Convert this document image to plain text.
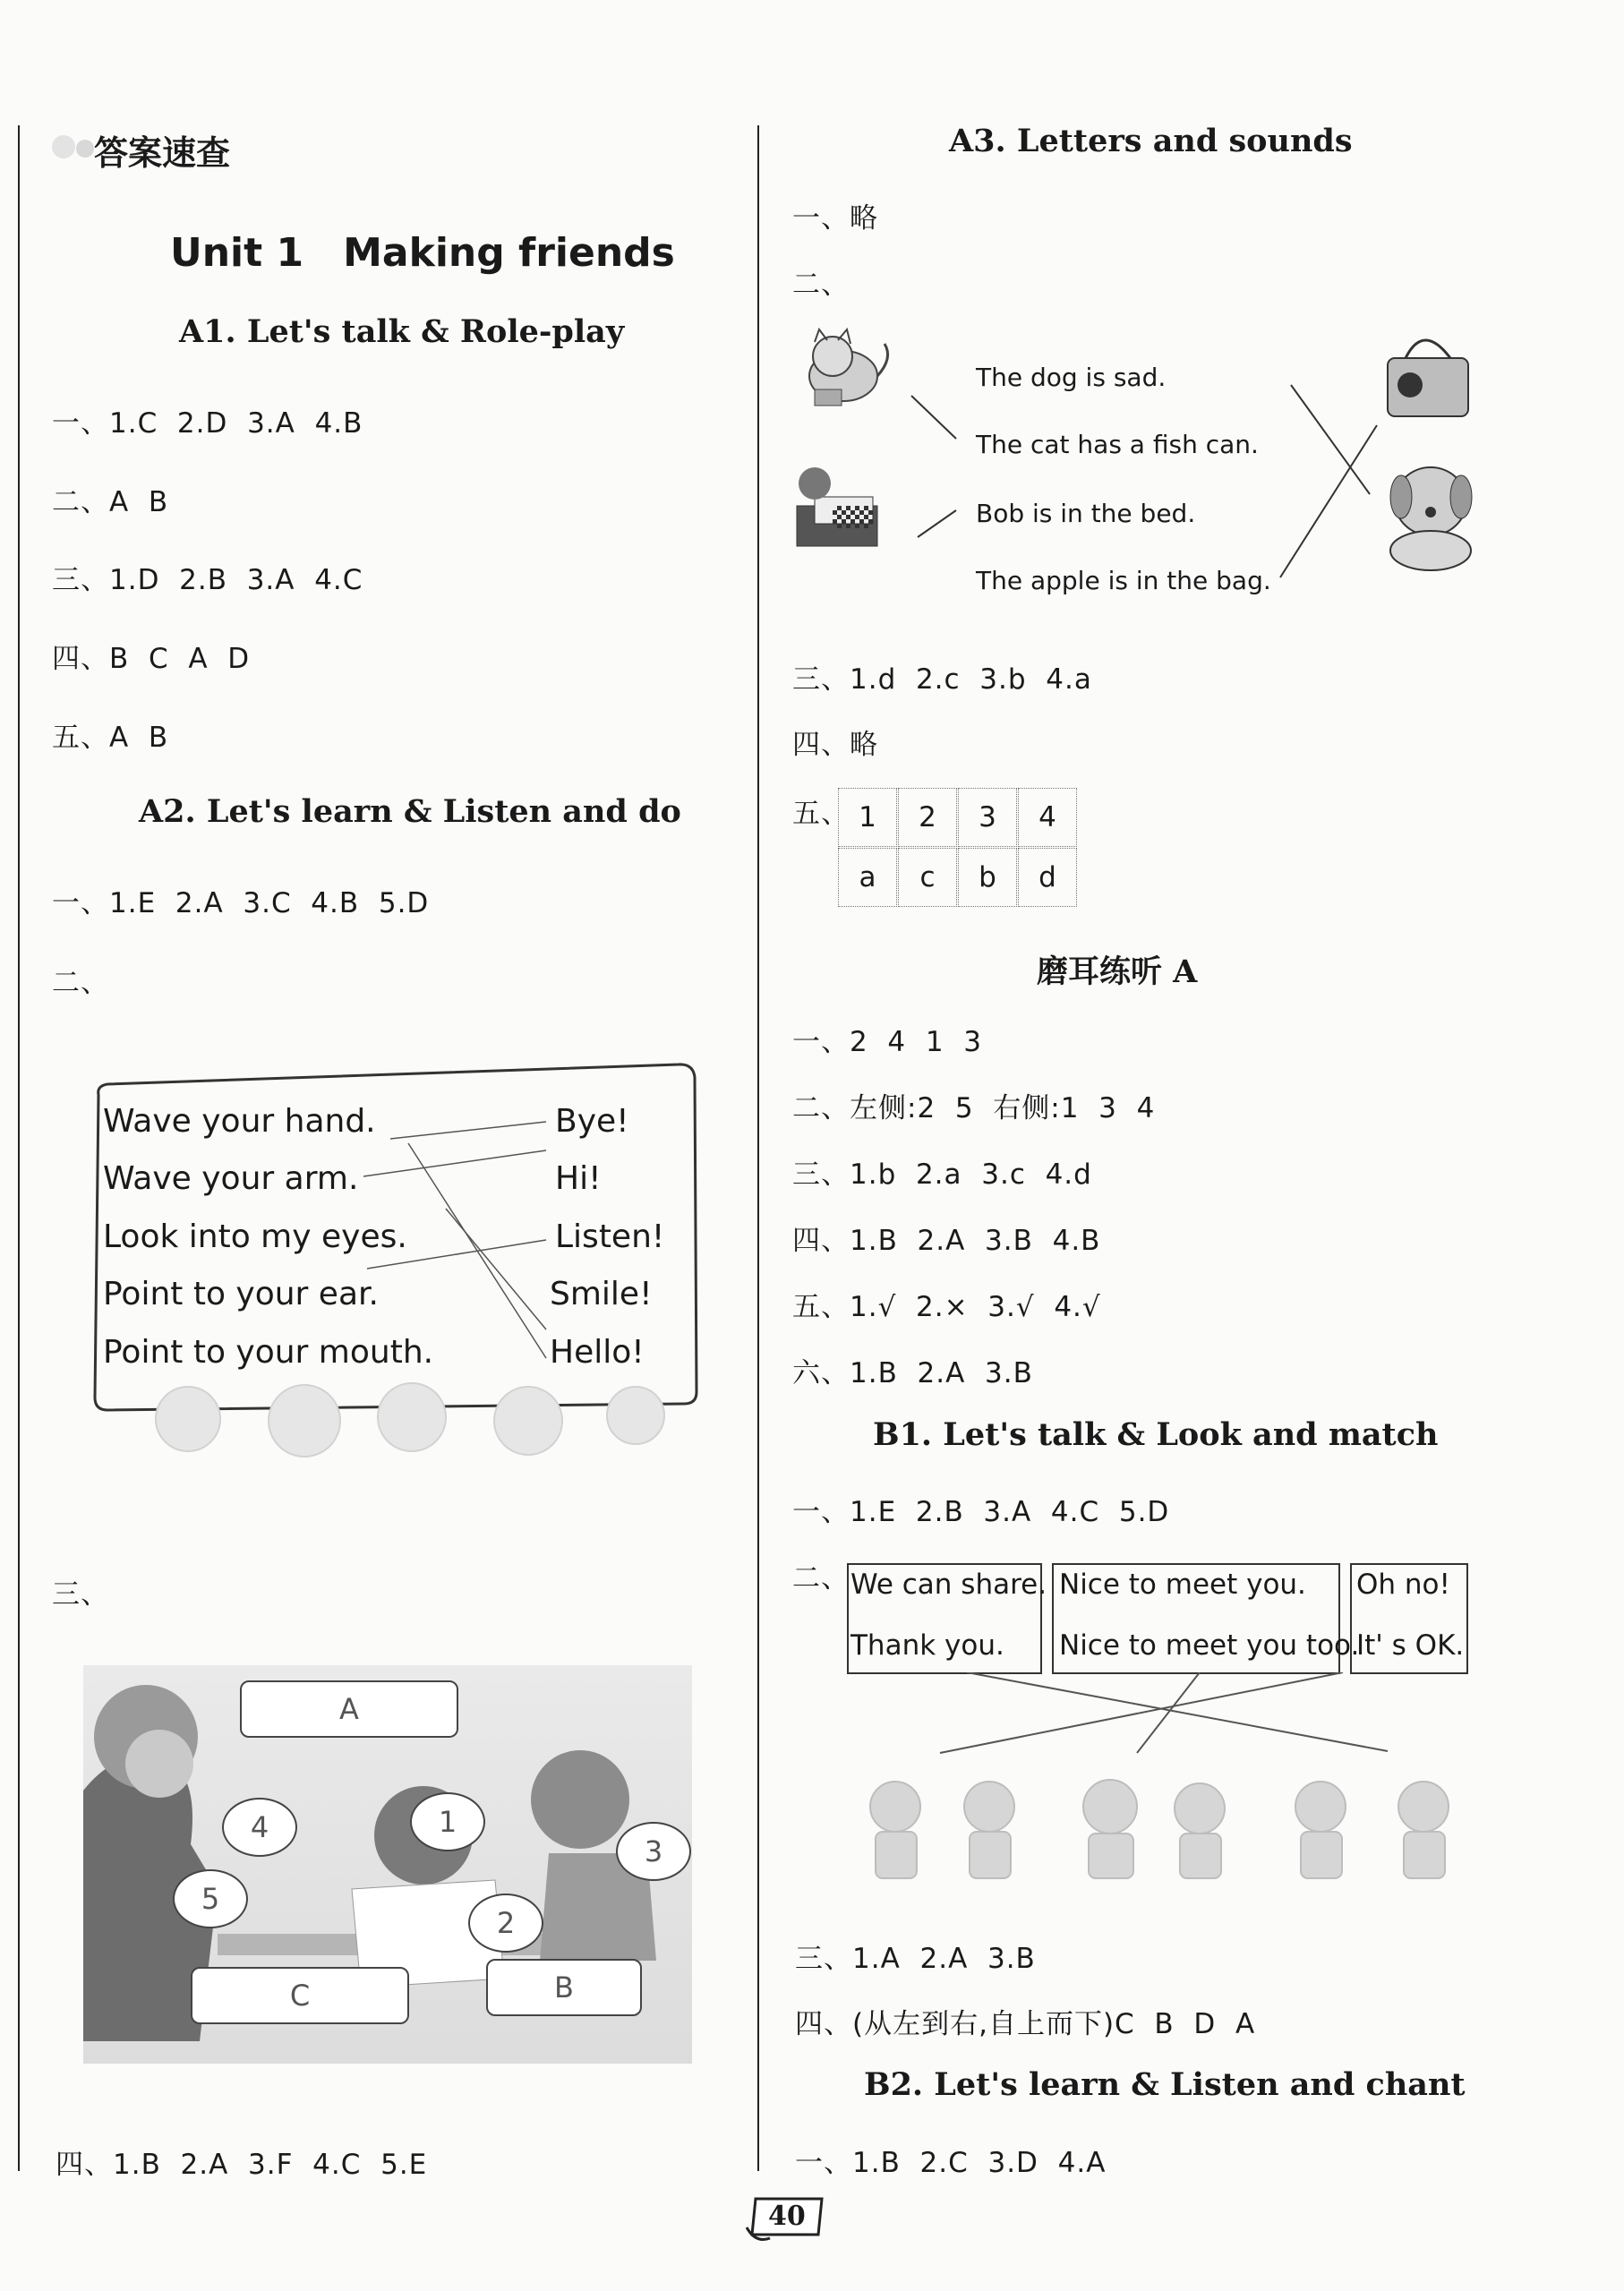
答案速查
Unit 1　Making friends
A1. Let's talk & Role-play
一、1.C  2.D  3.A  4.B
二、A  B
三、1.D  2.B  3.A  4.C
四、B  C  A  D
五、A  B
A2. Let's learn & Listen and do
一、1.E  2.A  3.C  4.B  5.D
二、
Wave your hand.
Wave your arm.
Look into my eyes.
Point to your ear.
Point to your mouth.
Bye!
Hi!
Listen!
Smile!
Hello!
三、
A
B
C
1
2
3
4
5
四、1.B  2.A  3.F  4.C  5.E
A3. Letters and sounds
一、略
二、
The dog is sad.
The cat has a fish can.
Bob is in the bed.
The apple is in the bag.
三、1.d  2.c  3.b  4.a
四、略
五、 1	2	3	4
a	c	b	d
磨耳练听 A
一、2  4  1  3
二、左侧:2  5  右侧:1  3  4
三、1.b  2.a  3.c  4.d
四、1.B  2.A  3.B  4.B
五、1.√  2.×  3.√  4.√
六、1.B  2.A  3.B
B1. Let's talk & Look and match
一、1.E  2.B  3.A  4.C  5.D
二、 We can share.
Thank you.
Nice to meet you.
Nice to meet you too.
Oh no!
It' s OK.
三、1.A  2.A  3.B
四、(从左到右,自上而下)C  B  D  A
B2. Let's learn & Listen and chant
一、1.B  2.C  3.D  4.A
40
